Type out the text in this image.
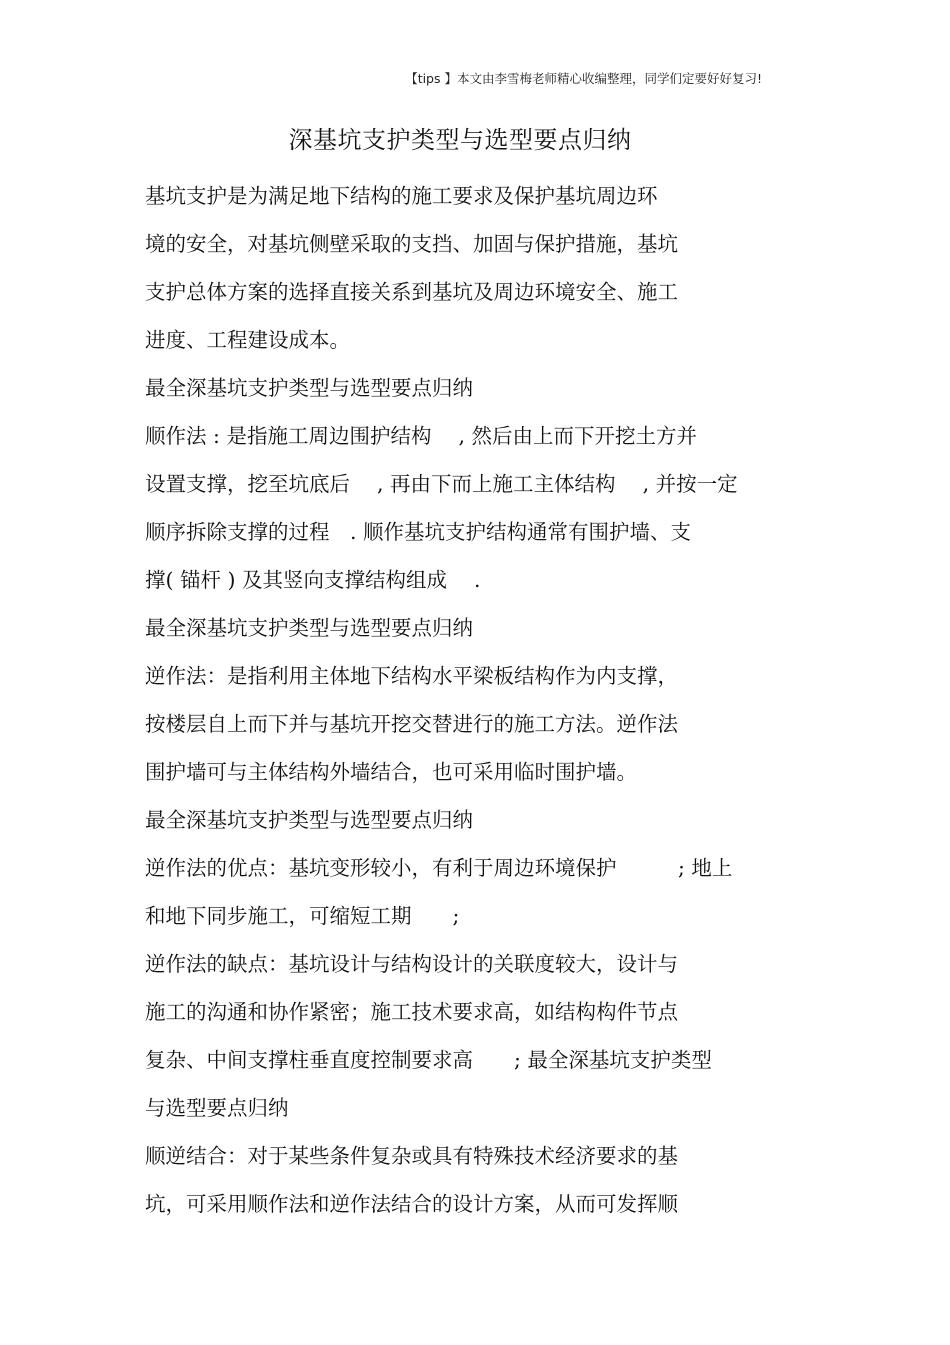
【tips 】本文由李雪梅老师精心收编整理，同学们定要好好复习!
深基坑支护类型与选型要点归纳
基坑支护是为满足地下结构的施工要求及保护基坑周边环
境的安全，对基坑侧壁采取的支挡、加固与保护措施，基坑
支护总体方案的选择直接关系到基坑及周边环境安全、施工
进度、工程建设成本。
最全深基坑支护类型与选型要点归纳
顺作法 : 是指施工周边围护结构　 , 然后由上而下开挖土方并
设置支撑，挖至坑底后　 , 再由下而上施工主体结构　 , 并按一定
顺序拆除支撑的过程　. 顺作基坑支护结构通常有围护墙、支
撑( 锚杆 ) 及其竖向支撑结构组成　 .
最全深基坑支护类型与选型要点归纳
逆作法：是指利用主体地下结构水平梁板结构作为内支撑，
按楼层自上而下并与基坑开挖交替进行的施工方法。逆作法
围护墙可与主体结构外墙结合，也可采用临时围护墙。
最全深基坑支护类型与选型要点归纳
逆作法的优点：基坑变形较小，有利于周边环境保护　　　; 地上
和地下同步施工，可缩短工期　　;
逆作法的缺点：基坑设计与结构设计的关联度较大，设计与
施工的沟通和协作紧密；施工技术要求高，如结构构件节点
复杂、中间支撑柱垂直度控制要求高　　; 最全深基坑支护类型
与选型要点归纳
顺逆结合：对于某些条件复杂或具有特殊技术经济要求的基
坑，可采用顺作法和逆作法结合的设计方案，从而可发挥顺
